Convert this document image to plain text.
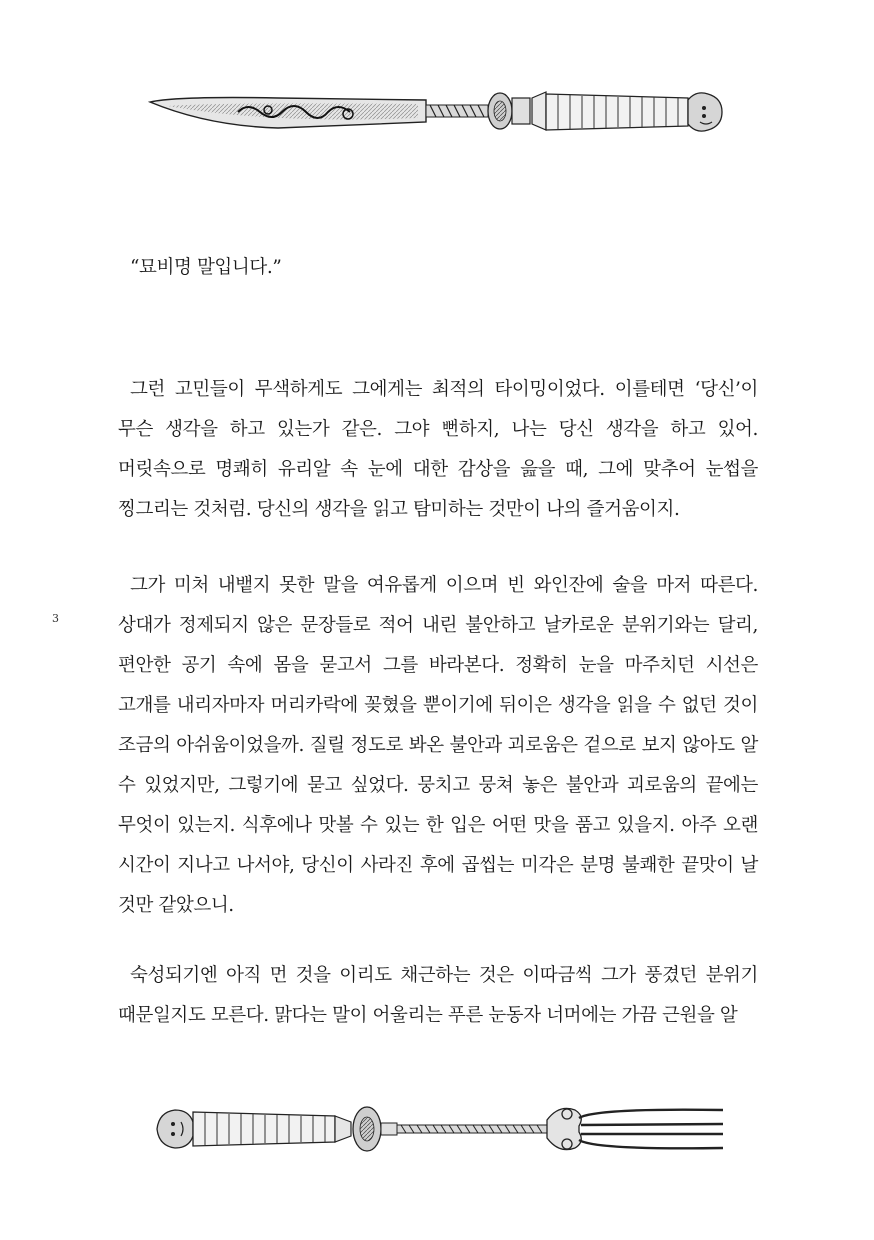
“묘비명 말입니다.”

그런 고민들이 무색하게도 그에게는 최적의 타이밍이었다. 이를테면 ‘당신’이 무슨 생각을 하고 있는가 같은. 그야 뻔하지, 나는 당신 생각을 하고 있어. 머릿속으로 명쾌히 유리알 속 눈에 대한 감상을 읊을 때, 그에 맞추어 눈썹을 찡그리는 것처럼. 당신의 생각을 읽고 탐미하는 것만이 나의 즐거움이지.

3

그가 미처 내뱉지 못한 말을 여유롭게 이으며 빈 와인잔에 술을 마저 따른다. 상대가 정제되지 않은 문장들로 적어 내린 불안하고 날카로운 분위기와는 달리, 편안한 공기 속에 몸을 묻고서 그를 바라본다. 정확히 눈을 마주치던 시선은 고개를 내리자마자 머리카락에 꽂혔을 뿐이기에 뒤이은 생각을 읽을 수 없던 것이 조금의 아쉬움이었을까. 질릴 정도로 봐온 불안과 괴로움은 겉으로 보지 않아도 알 수 있었지만, 그렇기에 묻고 싶었다. 뭉치고 뭉쳐 놓은 불안과 괴로움의 끝에는 무엇이 있는지. 식후에나 맛볼 수 있는 한 입은 어떤 맛을 품고 있을지. 아주 오랜 시간이 지나고 나서야, 당신이 사라진 후에 곱씹는 미각은 분명 불쾌한 끝맛이 날 것만 같았으니.

숙성되기엔 아직 먼 것을 이리도 채근하는 것은 이따금씩 그가 풍겼던 분위기 때문일지도 모른다. 맑다는 말이 어울리는 푸른 눈동자 너머에는 가끔 근원을 알
